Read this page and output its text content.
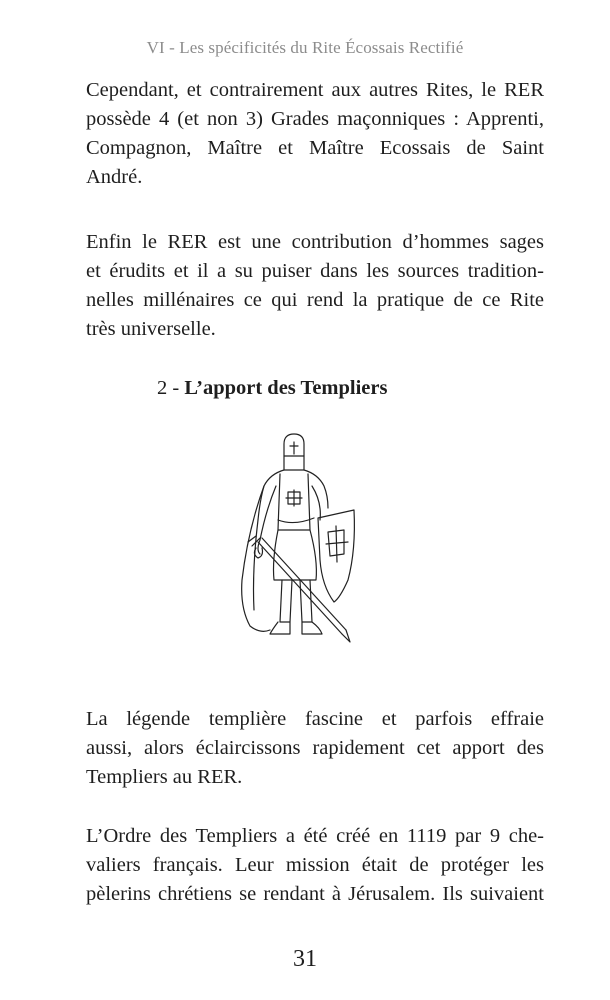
VI - Les spécificités du Rite Écossais Rectifié
Cependant, et contrairement aux autres Rites, le RER
possède 4 (et non 3) Grades maçonniques : Apprenti,
Compagnon, Maître et Maître Ecossais de Saint
André.
Enfin le RER est une contribution d’hommes sages
et érudits et il a su puiser dans les sources tradition-
nelles millénaires ce qui rend la pratique de ce Rite
très universelle.
2 - L’apport des Templiers
La légende templière fascine et parfois effraie
aussi, alors éclaircissons rapidement cet apport des
Templiers au RER.
L’Ordre des Templiers a été créé en 1119 par 9 che-
valiers français. Leur mission était de protéger les
pèlerins chrétiens se rendant à Jérusalem. Ils suivaient
31
